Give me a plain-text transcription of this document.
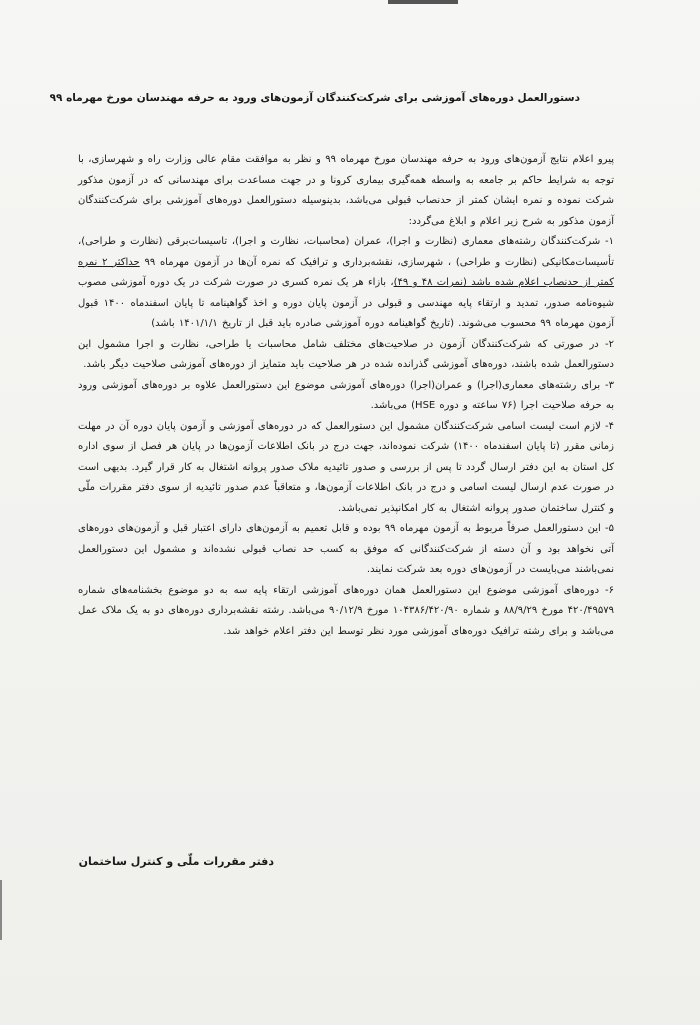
دستورالعمل دوره‌های آموزشی برای شرکت‌کنندگان آزمون‌های ورود به حرفه مهندسان مورخ مهرماه ۹۹

پیرو اعلام نتایج آزمون‌های ورود به حرفه مهندسان مورخ مهرماه ۹۹ و نظر به موافقت مقام عالی وزارت راه و شهرسازی، با توجه به شرایط حاکم بر جامعه به واسطه همه‌گیری بیماری کرونا و در جهت مساعدت برای مهندسانی که در آزمون مذکور شرکت نموده و نمره ایشان کمتر از حدنصاب قبولی می‌باشد، بدینوسیله دستورالعمل دوره‌های آموزشی برای شرکت‌کنندگان آزمون مذکور به شرح زیر اعلام و ابلاغ می‌گردد:

۱- شرکت‌کنندگان رشته‌های معماری (نظارت و اجرا)، عمران (محاسبات، نظارت و اجرا)، تاسیسات‌برقی (نظارت و طراحی)، تأسیسات‌مکانیکی (نظارت و طراحی) ، شهرسازی، نقشه‌برداری و ترافیک که نمره آن‌ها در آزمون مهرماه ۹۹ حداکثر ۲ نمره کمتر از حدنصاب اعلام شده باشد (نمرات ۴۸ و ۴۹)، بازاء هر یک نمره کسری در صورت شرکت در یک دوره آموزشی مصوب شیوه‌نامه صدور، تمدید و ارتقاء پایه مهندسی و قبولی در آزمون پایان دوره و اخذ گواهینامه تا پایان اسفندماه ۱۴۰۰ قبول آزمون مهرماه ۹۹ محسوب می‌شوند. (تاریخ گواهینامه دوره آموزشی صادره باید قبل از تاریخ ۱۴۰۱/۱/۱ باشد)

۲- در صورتی که شرکت‌کنندگان آزمون در صلاحیت‌های مختلف شامل محاسبات یا طراحی، نظارت و اجرا مشمول این دستورالعمل شده باشند، دوره‌های آموزشی گذرانده شده در هر صلاحیت باید متمایز از دوره‌های آموزشی صلاحیت دیگر باشد.

۳- برای رشته‌های معماری(اجرا) و عمران(اجرا) دوره‌های آموزشی موضوع این دستورالعمل علاوه بر دوره‌های آموزشی ورود به حرفه صلاحیت اجرا (۷۶ ساعته و دوره HSE) می‌باشد.

۴- لازم است لیست اسامی شرکت‌کنندگان مشمول این دستورالعمل که در دوره‌های آموزشی و آزمون پایان دوره آن در مهلت زمانی مقرر (تا پایان اسفندماه ۱۴۰۰) شرکت نموده‌اند، جهت درج در بانک اطلاعات آزمون‌ها در پایان هر فصل از سوی اداره کل استان به این دفتر ارسال گردد تا پس از بررسی و صدور تائیدیه ملاک صدور پروانه اشتغال به کار قرار گیرد. بدیهی است در صورت عدم ارسال لیست اسامی و درج در بانک اطلاعات آزمون‌ها، و متعاقباً عدم صدور تائیدیه از سوی دفتر مقررات ملّی و کنترل ساختمان صدور پروانه اشتغال به کار امکانپذیر نمی‌باشد.

۵- این دستورالعمل صرفاً مربوط به آزمون مهرماه ۹۹ بوده و قابل تعمیم به آزمون‌های دارای اعتبار قبل و آزمون‌های دوره‌های آتی نخواهد بود و آن دسته از شرکت‌کنندگانی که موفق به کسب حد نصاب قبولی نشده‌اند و مشمول این دستورالعمل نمی‌باشند می‌بایست در آزمون‌های دوره بعد شرکت نمایند.

۶- دوره‌های آموزشی موضوع این دستورالعمل همان دوره‌های آموزشی ارتقاء پایه سه به دو موضوع بخشنامه‌های شماره ۴۲۰/۴۹۵۷۹ مورخ ۸۸/۹/۲۹ و شماره ۱۰۴۳۸۶/۴۲۰/۹۰ مورخ ۹۰/۱۲/۹ می‌باشد. رشته نقشه‌برداری دوره‌های دو به یک ملاک عمل می‌باشد و برای رشته ترافیک دوره‌های آموزشی مورد نظر توسط این دفتر اعلام خواهد شد.

دفتر مقررات ملّی و کنترل ساختمان
